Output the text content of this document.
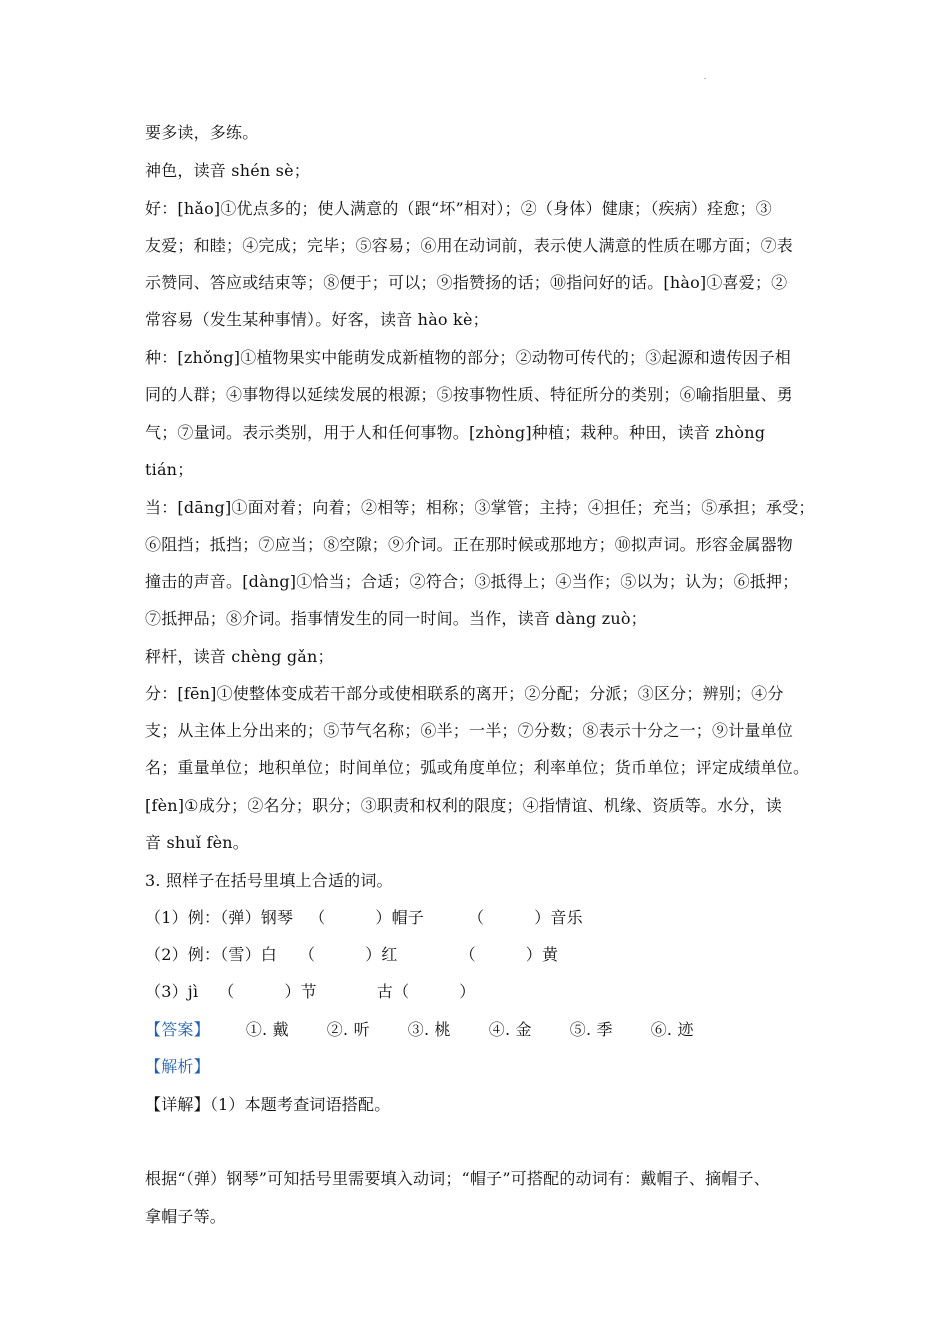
要多读，多练。
神色，读音 shén sè；
好：[hǎo]①优点多的；使人满意的（跟“坏”相对）；②（身体）健康；（疾病）痊愈；③
友爱；和睦；④完成；完毕；⑤容易；⑥用在动词前，表示使人满意的性质在哪方面；⑦表
示赞同、答应或结束等；⑧便于；可以；⑨指赞扬的话；⑩指问好的话。[hào]①喜爱；②
常容易（发生某种事情）。好客，读音 hào kè；
种：[zhǒng]①植物果实中能萌发成新植物的部分；②动物可传代的；③起源和遗传因子相
同的人群；④事物得以延续发展的根源；⑤按事物性质、特征所分的类别；⑥喻指胆量、勇
气；⑦量词。表示类别，用于人和任何事物。[zhòng]种植；栽种。种田，读音 zhòng
tián；
当：[dāng]①面对着；向着；②相等；相称；③掌管；主持；④担任；充当；⑤承担；承受；
⑥阻挡；抵挡；⑦应当；⑧空隙；⑨介词。正在那时候或那地方；⑩拟声词。形容金属器物
撞击的声音。[dàng]①恰当；合适；②符合；③抵得上；④当作；⑤以为；认为；⑥抵押；
⑦抵押品；⑧介词。指事情发生的同一时间。当作，读音 dàng zuò；
秤杆，读音 chèng gǎn；
分：[fēn]①使整体变成若干部分或使相联系的离开；②分配；分派；③区分；辨别；④分
支；从主体上分出来的；⑤节气名称；⑥半；一半；⑦分数；⑧表示十分之一；⑨计量单位
名；重量单位；地积单位；时间单位；弧或角度单位；利率单位；货币单位；评定成绩单位。
[fèn]①成分；②名分；职分；③职责和权利的限度；④指情谊、机缘、资质等。水分，读
音 shuǐ fèn。
3. 照样子在括号里填上合适的词。
（1）例：（弹）钢琴 （	）帽子	（	）音乐
（2）例：（雪）白 （	）红	（	）黄
（3）jì （	）节	古（	）
【答案】 ①. 戴 ②. 听 ③. 桃 ④. 金 ⑤. 季 ⑥. 迹
【解析】
【详解】（1）本题考查词语搭配。
根据“（弹）钢琴”可知括号里需要填入动词；“帽子”可搭配的动词有：戴帽子、摘帽子、
拿帽子等。
